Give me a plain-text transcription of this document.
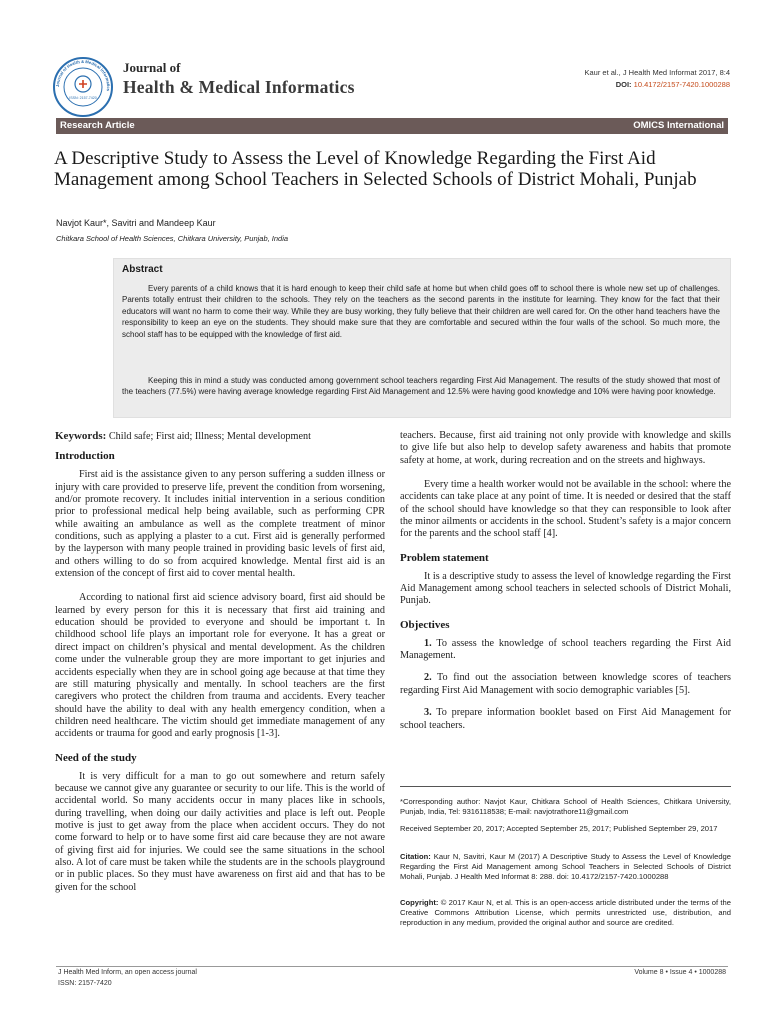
Journal of Health & Medical Informatics
ISSN: 2157-7420
Journal of
Health & Medical Informatics
Kaur et al., J Health Med Informat 2017, 8:4
DOI: 10.4172/2157-7420.1000288
Research Article	OMICS International
A Descriptive Study to Assess the Level of Knowledge Regarding the First Aid Management among School Teachers in Selected Schools of District Mohali, Punjab
Navjot Kaur*, Savitri and Mandeep Kaur
Chitkara School of Health Sciences, Chitkara University, Punjab, India
Abstract

Every parents of a child knows that it is hard enough to keep their child safe at home but when child goes off to school there is whole new set up of challenges. Parents totally entrust their children to the schools. They rely on the teachers as the second parents in the institute for learning. They know for the fact that their educators will want no harm to come their way. While they are busy working, they fully believe that their children are well cared for. On the other hand teachers have the responsibility to keep an eye on the students. They should make sure that they are comfortable and secured within the four walls of the school. So much more, the school staff has to be equipped with the knowledge of first aid.

Keeping this in mind a study was conducted among government school teachers regarding First Aid Management. The results of the study showed that most of the teachers (77.5%) were having average knowledge regarding First Aid Management and 12.5% were having good knowledge and 10% were having poor knowledge.

Keywords: Child safe; First aid; Illness; Mental development

Introduction

First aid is the assistance given to any person suffering a sudden illness or injury with care provided to preserve life, prevent the condition from worsening, and/or promote recovery. It includes initial intervention in a serious condition prior to professional medical help being available, such as performing CPR while awaiting an ambulance as well as the complete treatment of minor conditions, such as applying a plaster to a cut. First aid is generally performed by the layperson with many people trained in providing basic levels of first aid, and others willing to do so from acquired knowledge. Mental first aid is an extension of the concept of first aid to cover mental health.

According to national first aid science advisory board, first aid should be learned by every person for this it is necessary that first aid training and education should be provided to everyone and should be important t. In childhood school life plays an important role for everyone. It has a great or direct impact on children’s physical and mental development. As the children come under the vulnerable group they are more important to get injuries and accidents especially when they are in school going age because at that time they are still maturing physically and mentally. In school teachers are the first caregivers who protect the children from trauma and accidents. Every teacher should have the ability to deal with any health emergency condition, when a children need healthcare. The victim should get immediate management of any accidents or trauma for good and early prognosis [1-3].

Need of the study

It is very difficult for a man to go out somewhere and return safely because we cannot give any guarantee or security to our life. This is the world of accidental world. So many accidents occur in many places like in schools, during travelling, when doing our daily activities and place is left out. People motive is just to get away from the place when accident occurs. They do not come forward to help or to have some first aid care because they are not aware of giving first aid for injuries. We could see the same situations in the school also. A lot of care must be taken while the students are in the schools playground or in public places. So they must have awareness on first aid and that has to be given for the school

teachers. Because, first aid training not only provide with knowledge and skills to give life but also help to develop safety awareness and habits that promote safety at home, at work, during recreation and on the streets and highways.

Every time a health worker would not be available in the school: where the accidents can take place at any point of time. It is needed or desired that the staff of the school should have knowledge so that they can responsible to look after the minor ailments or accidents in the school. Student’s safety is a major concern for the parents and the school staff [4].

Problem statement

It is a descriptive study to assess the level of knowledge regarding the First Aid Management among school teachers in selected schools of District Mohali, Punjab.

Objectives

1. To assess the knowledge of school teachers regarding the First Aid Management.

2. To find out the association between knowledge scores of teachers regarding First Aid Management with socio demographic variables [5].

3. To prepare information booklet based on First Aid Management for school teachers.

*Corresponding author: Navjot Kaur, Chitkara School of Health Sciences, Chitkara University, Punjab, India, Tel: 9316118538; E-mail: navjotrathore11@gmail.com

Received September 20, 2017; Accepted September 25, 2017; Published September 29, 2017

Citation: Kaur N, Savitri, Kaur M (2017) A Descriptive Study to Assess the Level of Knowledge Regarding the First Aid Management among School Teachers in Selected Schools of District Mohali, Punjab. J Health Med Informat 8: 288. doi: 10.4172/2157-7420.1000288

Copyright: © 2017 Kaur N, et al. This is an open-access article distributed under the terms of the Creative Commons Attribution License, which permits unrestricted use, distribution, and reproduction in any medium, provided the original author and source are credited.

J Health Med Inform, an open access journal
ISSN: 2157-7420
Volume 8 • Issue 4 • 1000288
